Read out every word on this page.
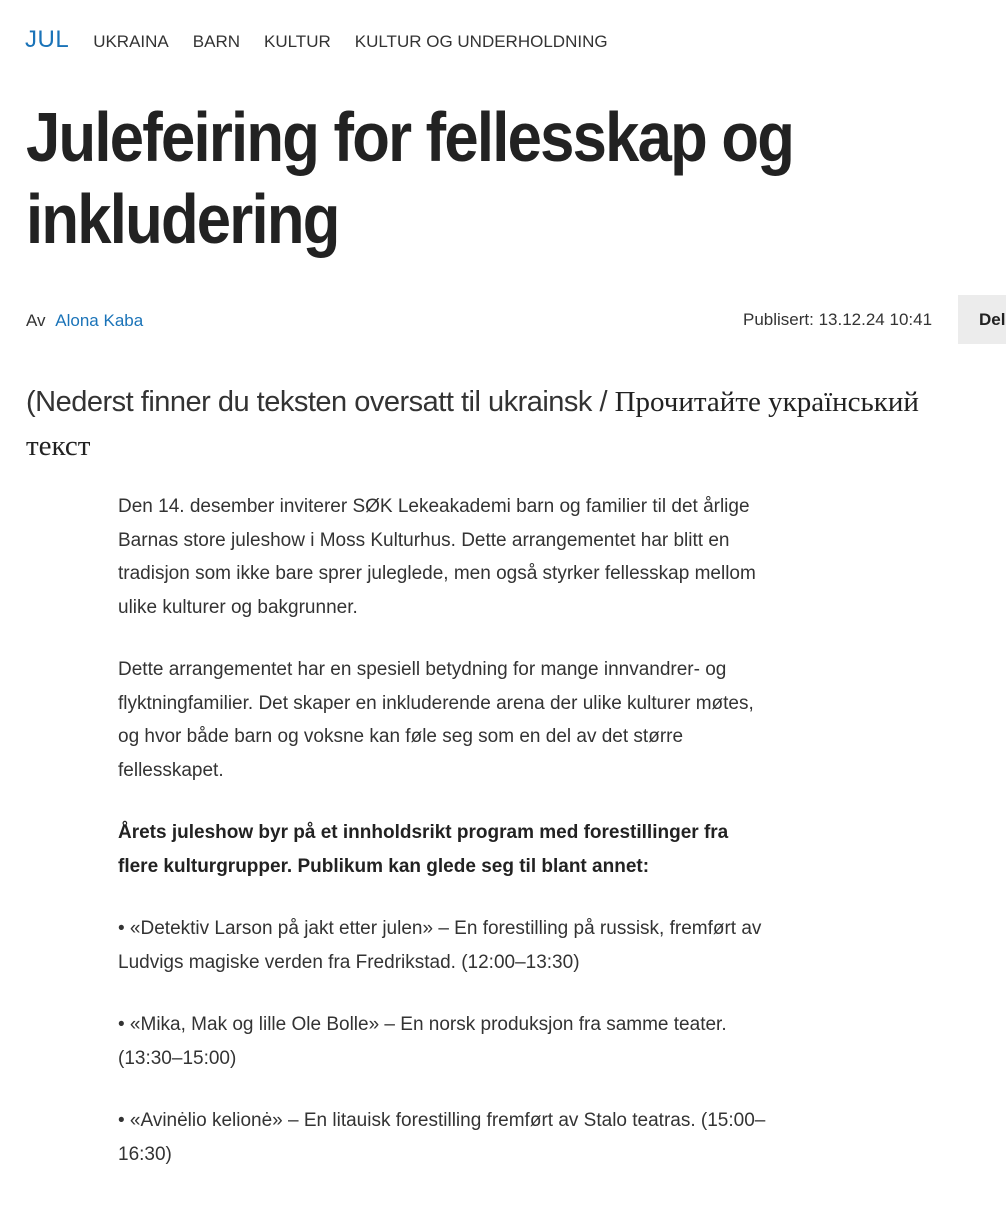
JUL UKRAINA BARN KULTUR KULTUR OG UNDERHOLDNING
Julefeiring for fellesskap og inkludering
Av Alona Kaba	Publisert: 13.12.24 10:41	Del

(Nederst finner du teksten oversatt til ukrainsk / Прочитайте український текст

Den 14. desember inviterer SØK Lekeakademi barn og familier til det årlige Barnas store juleshow i Moss Kulturhus. Dette arrangementet har blitt en tradisjon som ikke bare sprer juleglede, men også styrker fellesskap mellom ulike kulturer og bakgrunner.

Dette arrangementet har en spesiell betydning for mange innvandrer- og flyktningfamilier. Det skaper en inkluderende arena der ulike kulturer møtes, og hvor både barn og voksne kan føle seg som en del av det større fellesskapet.

Årets juleshow byr på et innholdsrikt program med forestillinger fra flere kulturgrupper. Publikum kan glede seg til blant annet:

• «Detektiv Larson på jakt etter julen» – En forestilling på russisk, fremført av Ludvigs magiske verden fra Fredrikstad. (12:00–13:30)

• «Mika, Mak og lille Ole Bolle» – En norsk produksjon fra samme teater. (13:30–15:00)

• «Avinėlio kelionė» – En litauisk forestilling fremført av Stalo teatras. (15:00–16:30)
